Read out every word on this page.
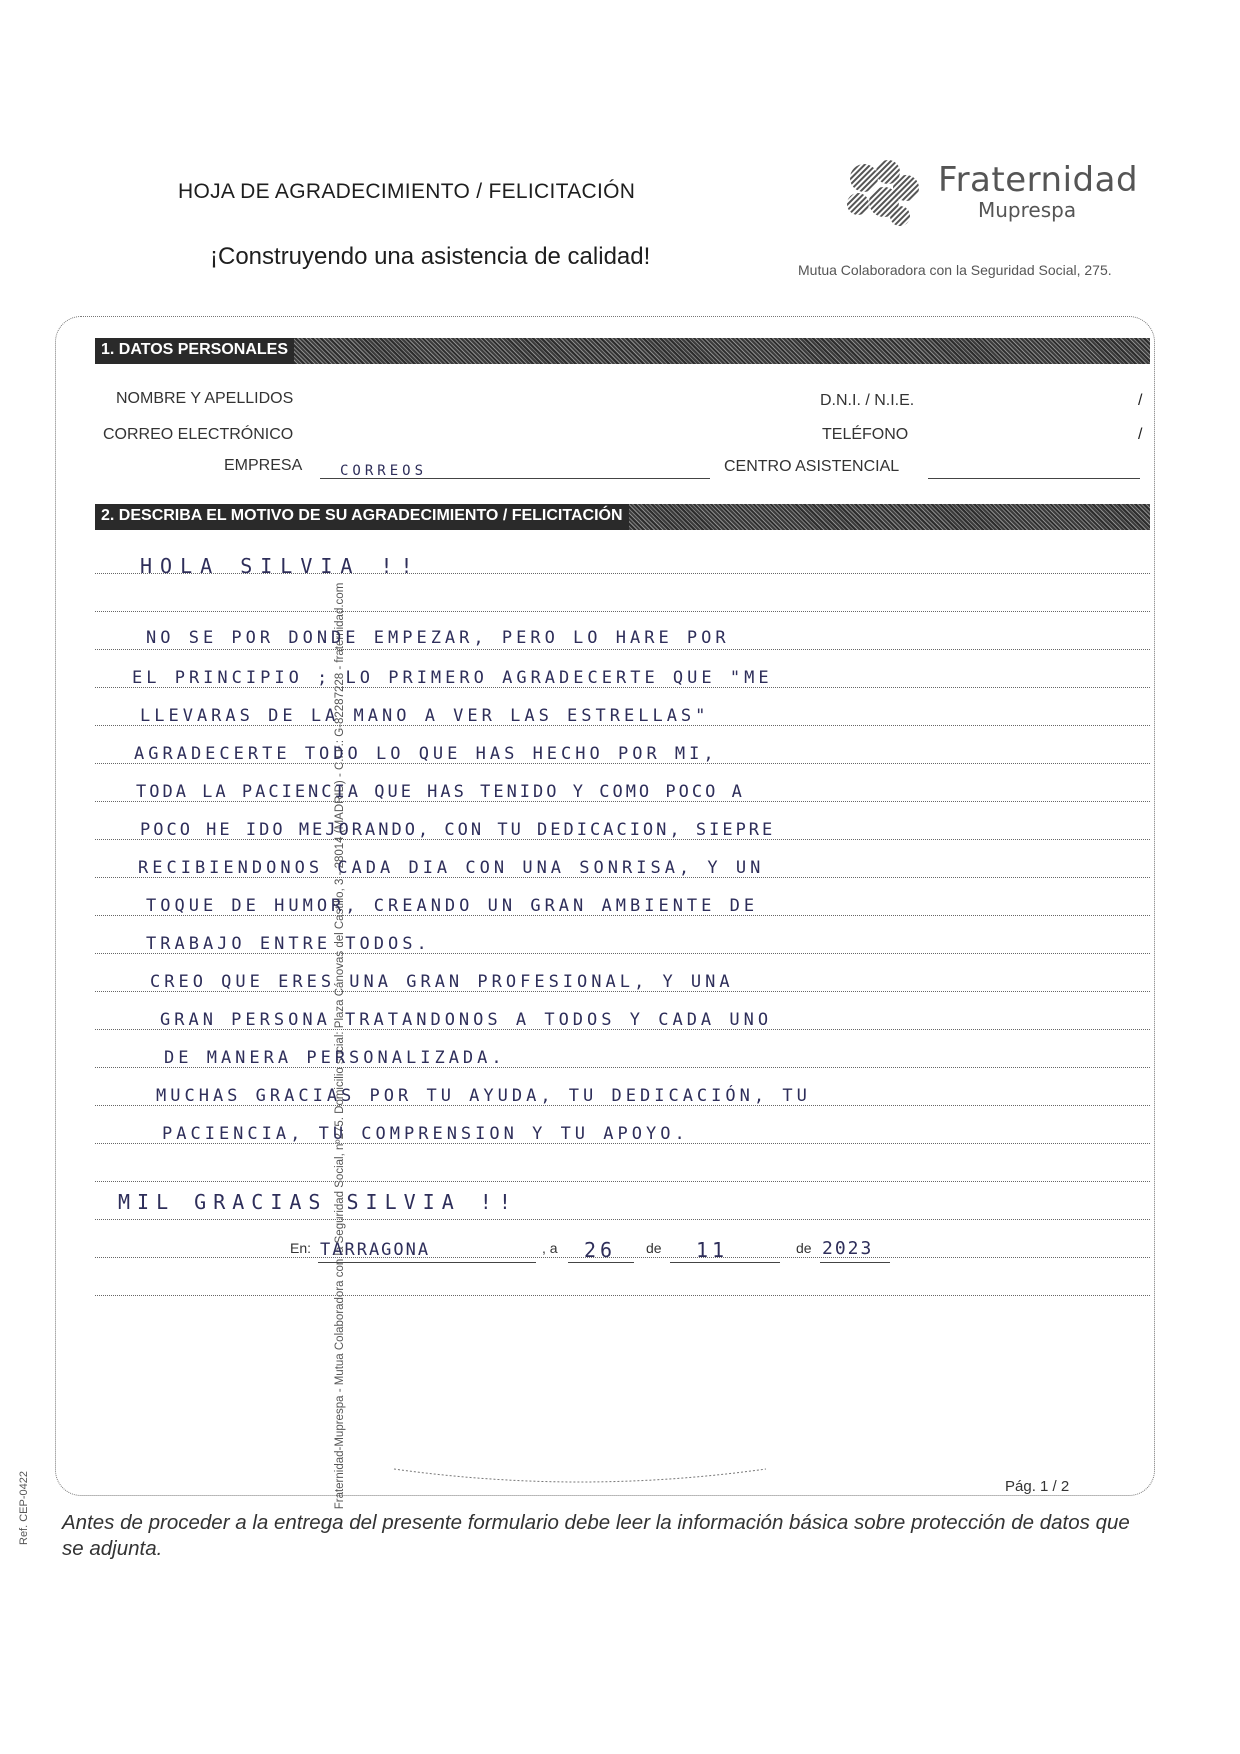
HOJA DE AGRADECIMIENTO / FELICITACIÓN
¡Construyendo una asistencia de calidad!
Fraternidad
Muprespa
Mutua Colaboradora con la Seguridad Social, 275.
Fraternidad-Muprespa - Mutua Colaboradora con la Seguridad Social, nº275. Domicilio social: Plaza Cánovas del Castillo, 3 - 28014 (MADRID) - C.I.F.: G-82287228 - fraternidad.com
1. DATOS PERSONALES
NOMBRE Y APELLIDOS	D.N.I. / N.I.E.	/
CORREO ELECTRÓNICO	TELÉFONO	/
EMPRESA	CORREOS	CENTRO ASISTENCIAL
2. DESCRIBA EL MOTIVO DE SU AGRADECIMIENTO / FELICITACIÓN
HOLA SILVIA !!
NO SE POR DONDE EMPEZAR, PERO LO HARE POR
EL PRINCIPIO ; LO PRIMERO AGRADECERTE QUE "ME
LLEVARAS DE LA MANO A VER LAS ESTRELLAS"
AGRADECERTE TODO LO QUE HAS HECHO POR MI,
TODA LA PACIENCIA QUE HAS TENIDO Y COMO POCO A
POCO HE IDO MEJORANDO, CON TU DEDICACION, SIEPRE
RECIBIENDONOS CADA DIA CON UNA SONRISA, Y UN
TOQUE DE HUMOR, CREANDO UN GRAN AMBIENTE DE
TRABAJO ENTRE TODOS.
CREO QUE ERES UNA GRAN PROFESIONAL, Y UNA
GRAN PERSONA TRATANDONOS A TODOS Y CADA UNO
DE MANERA PERSONALIZADA.
MUCHAS GRACIAS POR TU AYUDA, TU DEDICACIÓN, TU
PACIENCIA, TU COMPRENSION Y TU APOYO.
MIL GRACIAS SILVIA !!
En: TARRAGONA	, a 26 de 11	de 2023
Pág. 1 / 2
Antes de proceder a la entrega del presente formulario debe leer la información básica sobre protección de datos que se adjunta.
Ref. CEP-0422
